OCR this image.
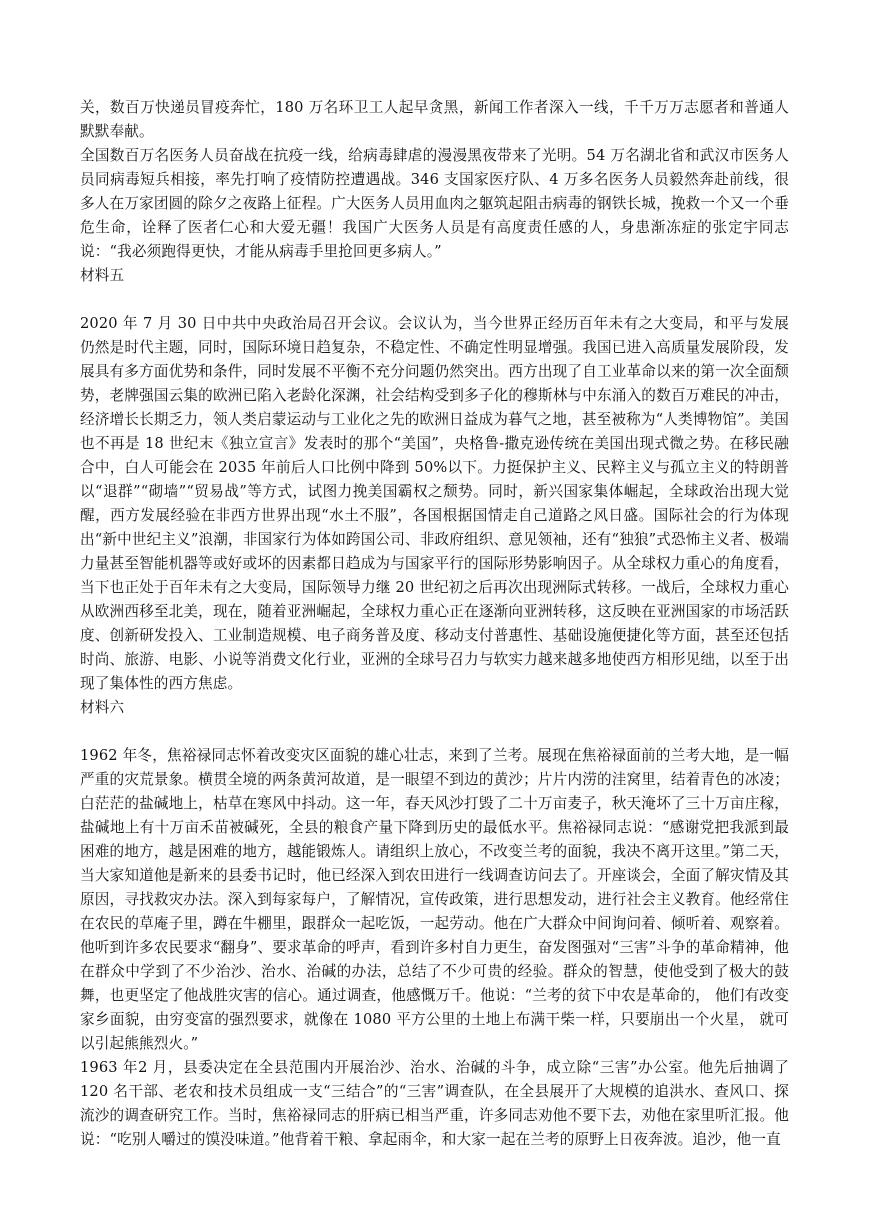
关，数百万快递员冒疫奔忙，180 万名环卫工人起早贪黑，新闻工作者深入一线，千千万万志愿者和普通人默默奉献。

全国数百万名医务人员奋战在抗疫一线，给病毒肆虐的漫漫黑夜带来了光明。54 万名湖北省和武汉市医务人员同病毒短兵相接，率先打响了疫情防控遭遇战。346 支国家医疗队、4 万多名医务人员毅然奔赴前线，很多人在万家团圆的除夕之夜路上征程。广大医务人员用血肉之躯筑起阻击病毒的钢铁长城，挽救一个又一个垂危生命，诠释了医者仁心和大爱无疆！我国广大医务人员是有高度责任感的人，身患渐冻症的张定宇同志说：“我必须跑得更快，才能从病毒手里抢回更多病人。”

材料五

2020 年 7 月 30 日中共中央政治局召开会议。会议认为，当今世界正经历百年未有之大变局，和平与发展仍然是时代主题，同时，国际环境日趋复杂，不稳定性、不确定性明显增强。我国已进入高质量发展阶段，发展具有多方面优势和条件，同时发展不平衡不充分问题仍然突出。西方出现了自工业革命以来的第一次全面颓势，老牌强国云集的欧洲已陷入老龄化深渊，社会结构受到多子化的穆斯林与中东涌入的数百万难民的冲击，经济增长长期乏力，领人类启蒙运动与工业化之先的欧洲日益成为暮气之地，甚至被称为“人类博物馆”。美国也不再是 18 世纪末《独立宣言》发表时的那个“美国”，央格鲁-撒克逊传统在美国出现式微之势。在移民融合中，白人可能会在 2035 年前后人口比例中降到 50%以下。力挺保护主义、民粹主义与孤立主义的特朗普以“退群”“砌墙”“贸易战”等方式，试图力挽美国霸权之颓势。同时，新兴国家集体崛起，全球政治出现大觉醒，西方发展经验在非西方世界出现“水土不服”，各国根据国情走自己道路之风日盛。国际社会的行为体现出“新中世纪主义”浪潮，非国家行为体如跨国公司、非政府组织、意见领袖，还有“独狼”式恐怖主义者、极端力量甚至智能机器等或好或坏的因素都日趋成为与国家平行的国际形势影响因子。从全球权力重心的角度看，当下也正处于百年未有之大变局，国际领导力继 20 世纪初之后再次出现洲际式转移。一战后，全球权力重心从欧洲西移至北美，现在，随着亚洲崛起，全球权力重心正在逐渐向亚洲转移，这反映在亚洲国家的市场活跃度、创新研发投入、工业制造规模、电子商务普及度、移动支付普惠性、基础设施便捷化等方面，甚至还包括时尚、旅游、电影、小说等消费文化行业，亚洲的全球号召力与软实力越来越多地使西方相形见绌，以至于出现了集体性的西方焦虑。

材料六

1962 年冬，焦裕禄同志怀着改变灾区面貌的雄心壮志，来到了兰考。展现在焦裕禄面前的兰考大地，是一幅严重的灾荒景象。横贯全境的两条黄河故道，是一眼望不到边的黄沙；片片内涝的洼窝里，结着青色的冰凌；白茫茫的盐碱地上，枯草在寒风中抖动。这一年，春天风沙打毁了二十万亩麦子，秋天淹坏了三十万亩庄稼， 盐碱地上有十万亩禾苗被碱死，全县的粮食产量下降到历史的最低水平。焦裕禄同志说：“感谢党把我派到最困难的地方，越是困难的地方，越能锻炼人。请组织上放心，不改变兰考的面貌，我决不离开这里。”第二天，当大家知道他是新来的县委书记时，他已经深入到农田进行一线调查访问去了。开座谈会，全面了解灾情及其原因，寻找救灾办法。深入到每家每户，了解情况，宣传政策，进行思想发动，进行社会主义教育。他经常住在农民的草庵子里，蹲在牛棚里，跟群众一起吃饭，一起劳动。他在广大群众中间询问着、倾听着、观察着。他听到许多农民要求“翻身”、要求革命的呼声，看到许多村自力更生，奋发图强对“三害”斗争的革命精神，他在群众中学到了不少治沙、治水、治碱的办法，总结了不少可贵的经验。群众的智慧，使他受到了极大的鼓舞，也更坚定了他战胜灾害的信心。通过调查，他感慨万千。他说：“兰考的贫下中农是革命的， 他们有改变家乡面貌，由穷变富的强烈要求，就像在 1080 平方公里的土地上布满干柴一样，只要崩出一个火星， 就可以引起熊熊烈火。”

1963 年2 月，县委决定在全县范围内开展治沙、治水、治碱的斗争，成立除“三害”办公室。他先后抽调了 120 名干部、老农和技术员组成一支“三结合”的“三害”调查队，在全县展开了大规模的追洪水、查风口、探流沙的调查研究工作。当时，焦裕禄同志的肝病已相当严重，许多同志劝他不要下去，劝他在家里听汇报。他说：“吃别人嚼过的馍没味道。”他背着干粮、拿起雨伞，和大家一起在兰考的原野上日夜奔波。追沙，他一直
